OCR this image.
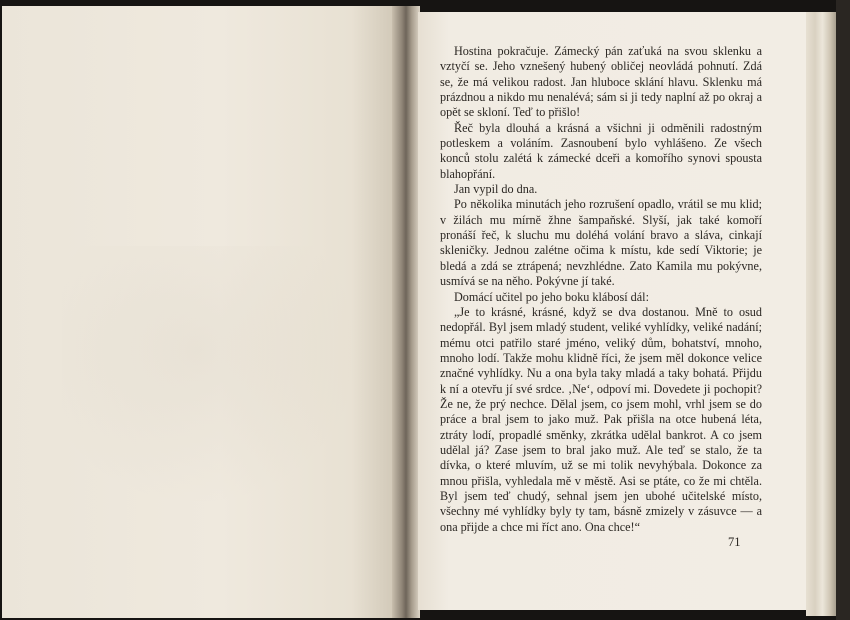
Hostina pokračuje. Zámecký pán zaťuká na svou sklenku a vztyčí se. Jeho vznešený hubený obličej neovládá pohnutí. Zdá se, že má velikou radost. Jan hluboce sklání hlavu. Sklenku má prázdnou a nikdo mu nenalévá; sám si ji tedy naplní až po okraj a opět se skloní. Teď to přišlo!

Řeč byla dlouhá a krásná a všichni ji odměnili radostným potleskem a voláním. Zasnoubení bylo vyhlášeno. Ze všech konců stolu zalétá k zámecké dceři a komořího synovi spousta blahopřání.

Jan vypil do dna.

Po několika minutách jeho rozrušení opadlo, vrátil se mu klid; v žilách mu mírně žhne šampaňské. Slyší, jak také komoří pronáší řeč, k sluchu mu doléhá volání bravo a sláva, cinkají skleničky. Jednou zalétne očima k místu, kde sedí Viktorie; je bledá a zdá se ztrápená; nevzhlédne. Zato Kamila mu pokývne, usmívá se na něho. Pokývne jí také.

Domácí učitel po jeho boku klábosí dál:

„Je to krásné, krásné, když se dva dostanou. Mně to osud nedopřál. Byl jsem mladý student, veliké vyhlídky, veliké nadání; mému otci patřilo staré jméno, veliký dům, bohatství, mnoho, mnoho lodí. Takže mohu klidně říci, že jsem měl dokonce velice značné vyhlídky. Nu a ona byla taky mladá a taky bohatá. Přijdu k ní a otevřu jí své srdce. ‚Ne‘, odpoví mi. Dovedete ji pochopit? Že ne, že prý nechce. Dělal jsem, co jsem mohl, vrhl jsem se do práce a bral jsem to jako muž. Pak přišla na otce hubená léta, ztráty lodí, propadlé směnky, zkrátka udělal bankrot. A co jsem udělal já? Zase jsem to bral jako muž. Ale teď se stalo, že ta dívka, o které mluvím, už se mi tolik nevyhýbala. Dokonce za mnou přišla, vyhledala mě v městě. Asi se ptáte, co že mi chtěla. Byl jsem teď chudý, sehnal jsem jen ubohé učitelské místo, všechny mé vyhlídky byly ty tam, básně zmizely v zásuvce — a ona přijde a chce mi říct ano. Ona chce!“

71
